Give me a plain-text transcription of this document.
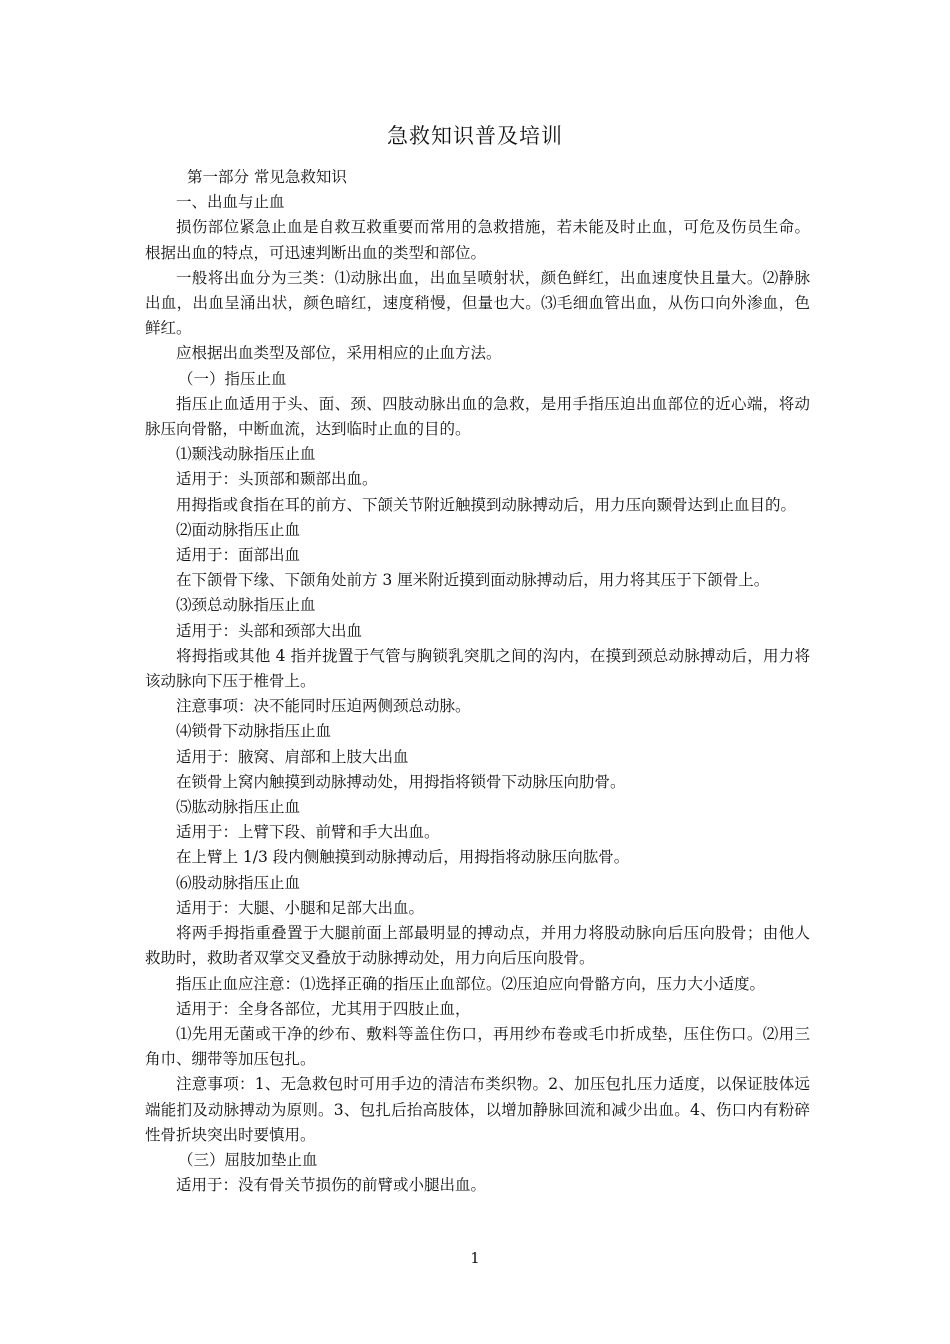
急救知识普及培训

第一部分 常见急救知识

一、出血与止血

损伤部位紧急止血是自救互救重要而常用的急救措施，若未能及时止血，可危及伤员生命。根据出血的特点，可迅速判断出血的类型和部位。

一般将出血分为三类：⑴动脉出血，出血呈喷射状，颜色鲜红，出血速度快且量大。⑵静脉出血，出血呈涌出状，颜色暗红，速度稍慢，但量也大。⑶毛细血管出血，从伤口向外渗血，色鲜红。

应根据出血类型及部位，采用相应的止血方法。

（一）指压止血

指压止血适用于头、面、颈、四肢动脉出血的急救，是用手指压迫出血部位的近心端，将动脉压向骨骼，中断血流，达到临时止血的目的。

⑴颞浅动脉指压止血

适用于：头顶部和颞部出血。

用拇指或食指在耳的前方、下颌关节附近触摸到动脉搏动后，用力压向颞骨达到止血目的。

⑵面动脉指压止血

适用于：面部出血

在下颌骨下缘、下颌角处前方 3 厘米附近摸到面动脉搏动后，用力将其压于下颌骨上。

⑶颈总动脉指压止血

适用于：头部和颈部大出血

将拇指或其他 4 指并拢置于气管与胸锁乳突肌之间的沟内，在摸到颈总动脉搏动后，用力将该动脉向下压于椎骨上。

注意事项：决不能同时压迫两侧颈总动脉。

⑷锁骨下动脉指压止血

适用于：腋窝、肩部和上肢大出血

在锁骨上窝内触摸到动脉搏动处，用拇指将锁骨下动脉压向肋骨。

⑸肱动脉指压止血

适用于：上臂下段、前臂和手大出血。

在上臂上 1/3 段内侧触摸到动脉搏动后，用拇指将动脉压向肱骨。

⑹股动脉指压止血

适用于：大腿、小腿和足部大出血。

将两手拇指重叠置于大腿前面上部最明显的搏动点，并用力将股动脉向后压向股骨；由他人救助时，救助者双掌交叉叠放于动脉搏动处，用力向后压向股骨。

指压止血应注意：⑴选择正确的指压止血部位。⑵压迫应向骨骼方向，压力大小适度。

适用于：全身各部位，尤其用于四肢止血，

⑴先用无菌或干净的纱布、敷料等盖住伤口，再用纱布卷或毛巾折成垫，压住伤口。⑵用三角巾、绷带等加压包扎。

注意事项：1、无急救包时可用手边的清洁布类织物。2、加压包扎压力适度，以保证肢体远端能扪及动脉搏动为原则。3、包扎后抬高肢体，以增加静脉回流和减少出血。4、伤口内有粉碎性骨折块突出时要慎用。

（三）屈肢加垫止血

适用于：没有骨关节损伤的前臂或小腿出血。

1
